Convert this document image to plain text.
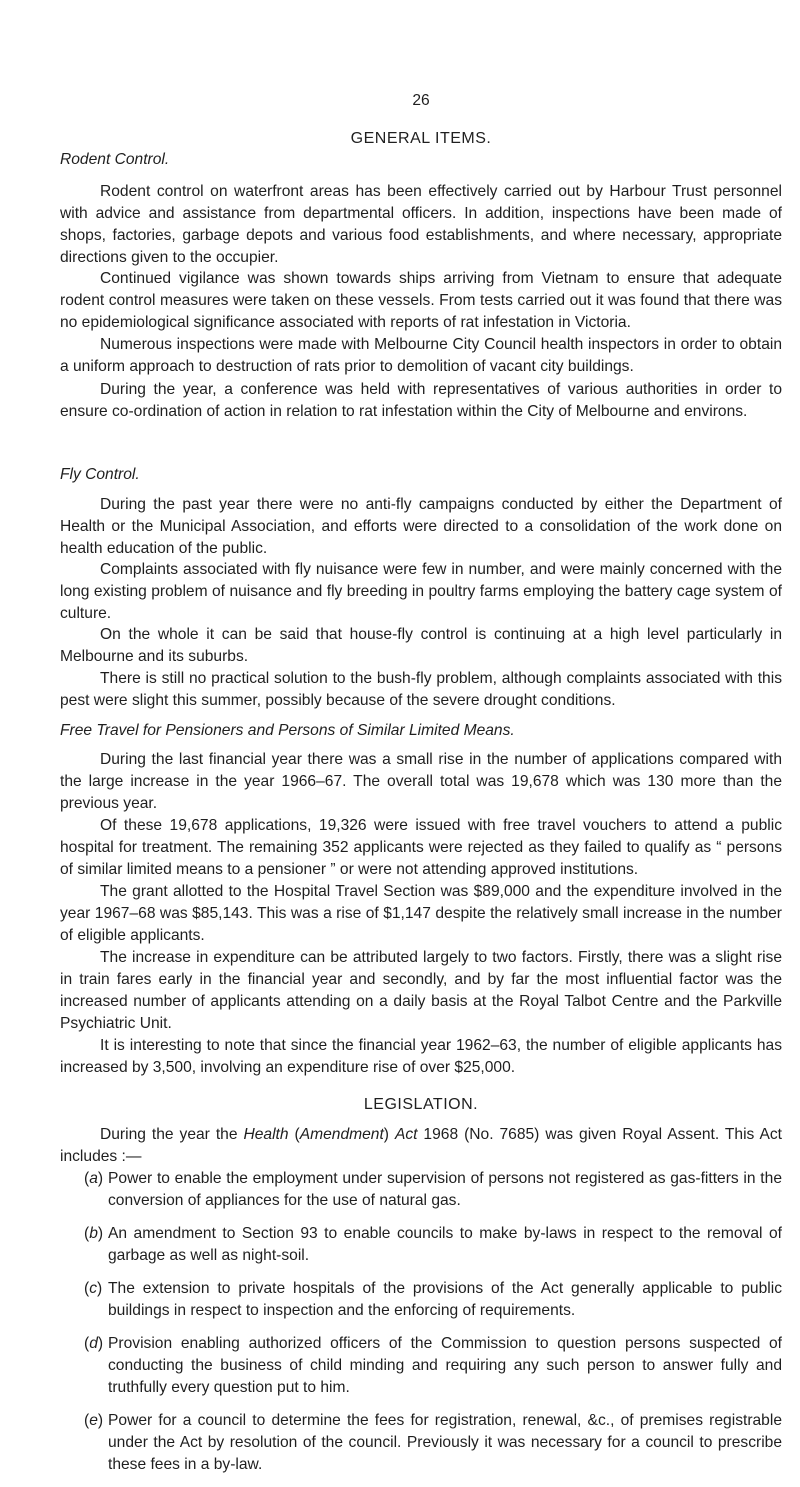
26
GENERAL ITEMS.

Rodent Control.

Rodent control on waterfront areas has been effectively carried out by Harbour Trust personnel with advice and assistance from departmental officers. In addition, inspections have been made of shops, factories, garbage depots and various food establishments, and where necessary, appropriate directions given to the occupier.

Continued vigilance was shown towards ships arriving from Vietnam to ensure that adequate rodent control measures were taken on these vessels. From tests carried out it was found that there was no epidemiological significance associated with reports of rat infestation in Victoria.

Numerous inspections were made with Melbourne City Council health inspectors in order to obtain a uniform approach to destruction of rats prior to demolition of vacant city buildings.

During the year, a conference was held with representatives of various authorities in order to ensure co-ordination of action in relation to rat infestation within the City of Melbourne and environs.

Fly Control.

During the past year there were no anti-fly campaigns conducted by either the Department of Health or the Municipal Association, and efforts were directed to a consolidation of the work done on health education of the public.

Complaints associated with fly nuisance were few in number, and were mainly concerned with the long existing problem of nuisance and fly breeding in poultry farms employing the battery cage system of culture.

On the whole it can be said that house-fly control is continuing at a high level particularly in Melbourne and its suburbs.

There is still no practical solution to the bush-fly problem, although complaints associated with this pest were slight this summer, possibly because of the severe drought conditions.

Free Travel for Pensioners and Persons of Similar Limited Means.

During the last financial year there was a small rise in the number of applications compared with the large increase in the year 1966–67. The overall total was 19,678 which was 130 more than the previous year.

Of these 19,678 applications, 19,326 were issued with free travel vouchers to attend a public hospital for treatment. The remaining 352 applicants were rejected as they failed to qualify as “ persons of similar limited means to a pensioner ” or were not attending approved institutions.

The grant allotted to the Hospital Travel Section was $89,000 and the expenditure involved in the year 1967–68 was $85,143. This was a rise of $1,147 despite the relatively small increase in the number of eligible applicants.

The increase in expenditure can be attributed largely to two factors. Firstly, there was a slight rise in train fares early in the financial year and secondly, and by far the most influential factor was the increased number of applicants attending on a daily basis at the Royal Talbot Centre and the Parkville Psychiatric Unit.

It is interesting to note that since the financial year 1962–63, the number of eligible applicants has increased by 3,500, involving an expenditure rise of over $25,000.

LEGISLATION.

During the year the Health (Amendment) Act 1968 (No. 7685) was given Royal Assent. This Act includes :—

(a) Power to enable the employment under supervision of persons not registered as gas-fitters in the conversion of appliances for the use of natural gas.
(b) An amendment to Section 93 to enable councils to make by-laws in respect to the removal of garbage as well as night-soil.
(c) The extension to private hospitals of the provisions of the Act generally applicable to public buildings in respect to inspection and the enforcing of requirements.
(d) Provision enabling authorized officers of the Commission to question persons suspected of conducting the business of child minding and requiring any such person to answer fully and truthfully every question put to him.
(e) Power for a council to determine the fees for registration, renewal, &c., of premises registrable under the Act by resolution of the council. Previously it was necessary for a council to prescribe these fees in a by-law.
